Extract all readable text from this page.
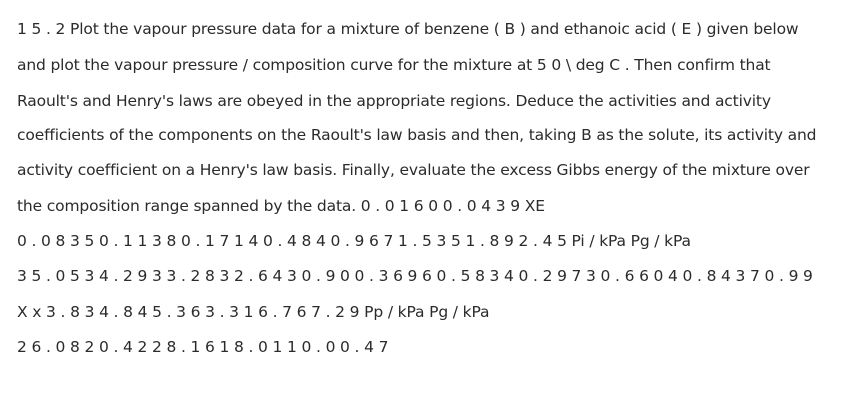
1 5 . 2 Plot the vapour pressure data for a mixture of benzene ( B ) and ethanoic acid ( E ) given below
and plot the vapour pressure / composition curve for the mixture at 5 0 \ deg C . Then confirm that
Raoult's and Henry's laws are obeyed in the appropriate regions. Deduce the activities and activity
coefficients of the components on the Raoult's law basis and then, taking B as the solute, its activity and
activity coefficient on a Henry's law basis. Finally, evaluate the excess Gibbs energy of the mixture over
the composition range spanned by the data. 0 . 0 1 6 0 0 . 0 4 3 9 XE
0 . 0 8 3 5 0 . 1 1 3 8 0 . 1 7 1 4 0 . 4 8 4 0 . 9 6 7 1 . 5 3 5 1 . 8 9 2 . 4 5 Pi / kPa Pg / kPa
3 5 . 0 5 3 4 . 2 9 3 3 . 2 8 3 2 . 6 4 3 0 . 9 0 0 . 3 6 9 6 0 . 5 8 3 4 0 . 2 9 7 3 0 . 6 6 0 4 0 . 8 4 3 7 0 . 9 9
X x 3 . 8 3 4 . 8 4 5 . 3 6 3 . 3 1 6 . 7 6 7 . 2 9 Pp / kPa Pg / kPa
2 6 . 0 8 2 0 . 4 2 2 8 . 1 6 1 8 . 0 1 1 0 . 0 0 . 4 7
